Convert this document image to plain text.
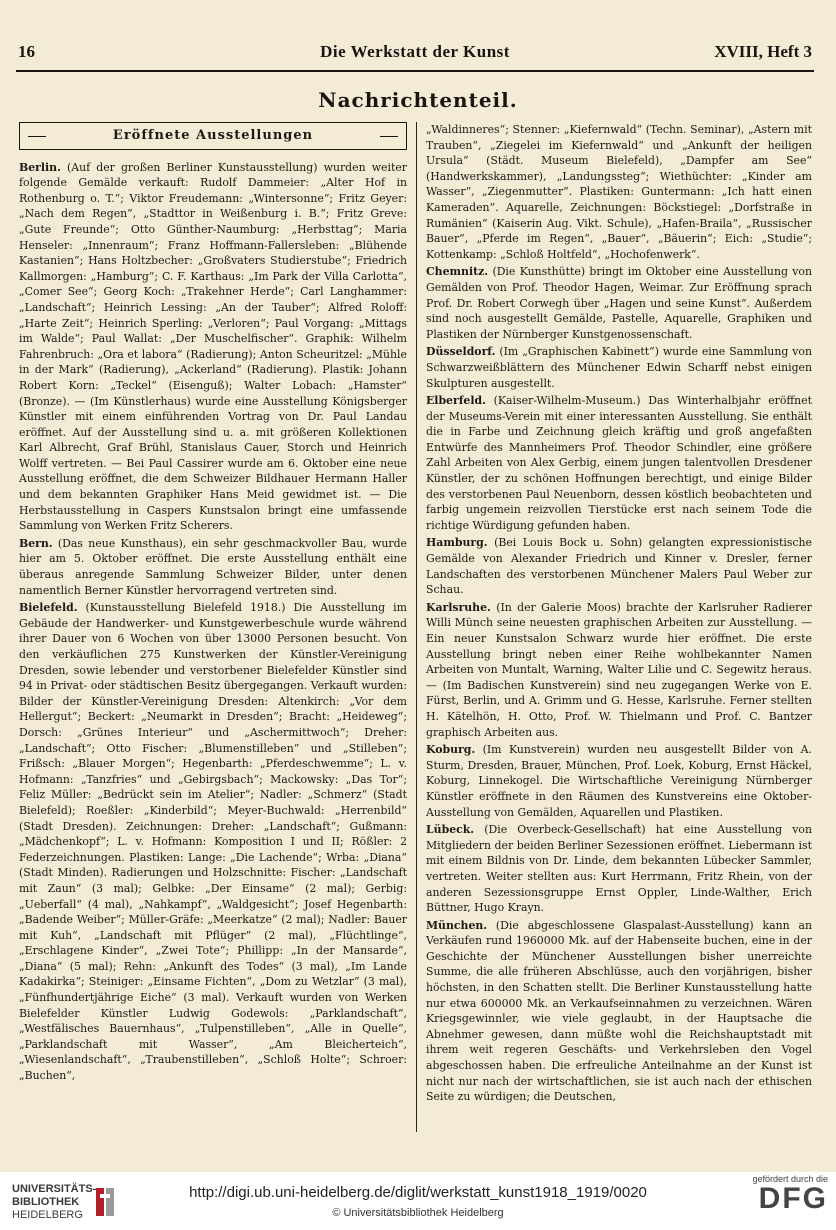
16	Die Werkstatt der Kunst	XVIII, Heft 3
Nachrichtenteil.
Eröffnete Ausstellungen

Berlin. (Auf der großen Berliner Kunstausstellung) wurden weiter folgende Gemälde verkauft: Rudolf Dammeier: „Alter Hof in Rothenburg o. T.“; Viktor Freudemann: „Wintersonne“; Fritz Geyer: „Nach dem Regen“, „Stadttor in Weißenburg i. B.“; Fritz Greve: „Gute Freunde“; Otto Günther-Naumburg: „Herbsttag“; Maria Henseler: „Innenraum“; Franz Hoffmann-Fallersleben: „Blühende Kastanien“; Hans Holtzbecher: „Großvaters Studierstube“; Friedrich Kallmorgen: „Hamburg“; C. F. Karthaus: „Im Park der Villa Carlotta“, „Comer See“; Georg Koch: „Trakehner Herde“; Carl Langhammer: „Landschaft“; Heinrich Lessing: „An der Tauber“; Alfred Roloff: „Harte Zeit“; Heinrich Sperling: „Verloren“; Paul Vorgang: „Mittags im Walde“; Paul Wallat: „Der Muschelfischer“. Graphik: Wilhelm Fahrenbruch: „Ora et labora“ (Radierung); Anton Scheuritzel: „Mühle in der Mark“ (Radierung), „Ackerland“ (Radierung). Plastik: Johann Robert Korn: „Teckel“ (Eisenguß); Walter Lobach: „Hamster“ (Bronze). — (Im Künstlerhaus) wurde eine Ausstellung Königsberger Künstler mit einem einführenden Vortrag von Dr. Paul Landau eröffnet. Auf der Ausstellung sind u. a. mit größeren Kollektionen Karl Albrecht, Graf Brühl, Stanislaus Cauer, Storch und Heinrich Wolff vertreten. — Bei Paul Cassirer wurde am 6. Oktober eine neue Ausstellung eröffnet, die dem Schweizer Bildhauer Hermann Haller und dem bekannten Graphiker Hans Meid gewidmet ist. — Die Herbstausstellung in Caspers Kunstsalon bringt eine umfassende Sammlung von Werken Fritz Scherers.

Bern. (Das neue Kunsthaus), ein sehr geschmackvoller Bau, wurde hier am 5. Oktober eröffnet. Die erste Ausstellung enthält eine überaus anregende Sammlung Schweizer Bilder, unter denen namentlich Berner Künstler hervorragend vertreten sind.

Bielefeld. (Kunstausstellung Bielefeld 1918.) Die Ausstellung im Gebäude der Handwerker- und Kunstgewerbeschule wurde während ihrer Dauer von 6 Wochen von über 13000 Personen besucht. Von den verkäuflichen 275 Kunstwerken der Künstler-Vereinigung Dresden, sowie lebender und verstorbener Bielefelder Künstler sind 94 in Privat- oder städtischen Besitz übergegangen. Verkauft wurden: Bilder der Künstler-Vereinigung Dresden: Altenkirch: „Vor dem Hellergut“; Beckert: „Neumarkt in Dresden“; Bracht: „Heideweg“; Dorsch: „Grünes Interieur“ und „Aschermittwoch“; Dreher: „Landschaft“; Otto Fischer: „Blumenstilleben“ und „Stilleben“; Frißsch: „Blauer Morgen“; Hegenbarth: „Pferdeschwemme“; L. v. Hofmann: „Tanzfries“ und „Gebirgsbach“; Mackowsky: „Das Tor“; Feliz Müller: „Bedrückt sein im Atelier“; Nadler: „Schmerz“ (Stadt Bielefeld); Roeßler: „Kinderbild“; Meyer-Buchwald: „Herrenbild“ (Stadt Dresden). Zeichnungen: Dreher: „Landschaft“; Gußmann: „Mädchenkopf“; L. v. Hofmann: Komposition I und II; Rößler: 2 Federzeichnungen. Plastiken: Lange: „Die Lachende“; Wrba: „Diana“ (Stadt Minden). Radierungen und Holzschnitte: Fischer: „Landschaft mit Zaun“ (3 mal); Gelbke: „Der Einsame“ (2 mal); Gerbig: „Ueberfall“ (4 mal), „Nahkampf“, „Waldgesicht“; Josef Hegenbarth: „Badende Weiber“; Müller-Gräfe: „Meerkatze“ (2 mal); Nadler: Bauer mit Kuh“, „Landschaft mit Pflüger“ (2 mal), „Flüchtlinge“, „Erschlagene Kinder“, „Zwei Tote“; Phillipp: „In der Mansarde“, „Diana“ (5 mal); Rehn: „Ankunft des Todes“ (3 mal), „Im Lande Kadakirka“; Steiniger: „Einsame Fichten“, „Dom zu Wetzlar“ (3 mal), „Fünfhundertjährige Eiche“ (3 mal). Verkauft wurden von Werken Bielefelder Künstler Ludwig Godewols: „Parklandschaft“, „Westfälisches Bauernhaus“, „Tulpenstilleben“, „Alle in Quelle“, „Parklandschaft mit Wasser“, „Am Bleicherteich“, „Wiesenlandschaft“, „Traubenstilleben“, „Schloß Holte“; Schroer: „Buchen“,

„Waldinneres“; Stenner: „Kiefernwald“ (Techn. Seminar), „Astern mit Trauben“, „Ziegelei im Kiefernwald“ und „Ankunft der heiligen Ursula“ (Städt. Museum Bielefeld), „Dampfer am See“ (Handwerkskammer), „Landungssteg“; Wiethüchter: „Kinder am Wasser“, „Ziegenmutter“. Plastiken: Guntermann: „Ich hatt einen Kameraden“. Aquarelle, Zeichnungen: Böckstiegel: „Dorfstraße in Rumänien“ (Kaiserin Aug. Vikt. Schule), „Hafen-Braila“, „Russischer Bauer“, „Pferde im Regen“, „Bauer“, „Bäuerin“; Eich: „Studie“; Kottenkamp: „Schloß Holtfeld“, „Hochofenwerk“.

Chemnitz. (Die Kunsthütte) bringt im Oktober eine Ausstellung von Gemälden von Prof. Theodor Hagen, Weimar. Zur Eröffnung sprach Prof. Dr. Robert Corwegh über „Hagen und seine Kunst“. Außerdem sind noch ausgestellt Gemälde, Pastelle, Aquarelle, Graphiken und Plastiken der Nürnberger Kunstgenossenschaft.

Düsseldorf. (Im „Graphischen Kabinett“) wurde eine Sammlung von Schwarzweißblättern des Münchener Edwin Scharff nebst einigen Skulpturen ausgestellt.

Elberfeld. (Kaiser-Wilhelm-Museum.) Das Winterhalbjahr eröffnet der Museums-Verein mit einer interessanten Ausstellung. Sie enthält die in Farbe und Zeichnung gleich kräftig und groß angefaßten Entwürfe des Mannheimers Prof. Theodor Schindler, eine größere Zahl Arbeiten von Alex Gerbig, einem jungen talentvollen Dresdener Künstler, der zu schönen Hoffnungen berechtigt, und einige Bilder des verstorbenen Paul Neuenborn, dessen köstlich beobachteten und farbig ungemein reizvollen Tierstücke erst nach seinem Tode die richtige Würdigung gefunden haben.

Hamburg. (Bei Louis Bock u. Sohn) gelangten expressionistische Gemälde von Alexander Friedrich und Kinner v. Dresler, ferner Landschaften des verstorbenen Münchener Malers Paul Weber zur Schau.

Karlsruhe. (In der Galerie Moos) brachte der Karlsruher Radierer Willi Münch seine neuesten graphischen Arbeiten zur Ausstellung. — Ein neuer Kunstsalon Schwarz wurde hier eröffnet. Die erste Ausstellung bringt neben einer Reihe wohlbekannter Namen Arbeiten von Muntalt, Warning, Walter Lilie und C. Segewitz heraus. — (Im Badischen Kunstverein) sind neu zugegangen Werke von E. Fürst, Berlin, und A. Grimm und G. Hesse, Karlsruhe. Ferner stellten H. Kätelhön, H. Otto, Prof. W. Thielmann und Prof. C. Bantzer graphisch Arbeiten aus.

Koburg. (Im Kunstverein) wurden neu ausgestellt Bilder von A. Sturm, Dresden, Brauer, München, Prof. Loek, Koburg, Ernst Häckel, Koburg, Linnekogel. Die Wirtschaftliche Vereinigung Nürnberger Künstler eröffnete in den Räumen des Kunstvereins eine Oktober-Ausstellung von Gemälden, Aquarellen und Plastiken.

Lübeck. (Die Overbeck-Gesellschaft) hat eine Ausstellung von Mitgliedern der beiden Berliner Sezessionen eröffnet. Liebermann ist mit einem Bildnis von Dr. Linde, dem bekannten Lübecker Sammler, vertreten. Weiter stellten aus: Kurt Herrmann, Fritz Rhein, von der anderen Sezessionsgruppe Ernst Oppler, Linde-Walther, Erich Büttner, Hugo Krayn.

München. (Die abgeschlossene Glaspalast-Ausstellung) kann an Verkäufen rund 1960000 Mk. auf der Habenseite buchen, eine in der Geschichte der Münchener Ausstellungen bisher unerreichte Summe, die alle früheren Abschlüsse, auch den vorjährigen, bisher höchsten, in den Schatten stellt. Die Berliner Kunstausstellung hatte nur etwa 600000 Mk. an Verkaufseinnahmen zu verzeichnen. Wären Kriegsgewinnler, wie viele geglaubt, in der Hauptsache die Abnehmer gewesen, dann müßte wohl die Reichshauptstadt mit ihrem weit regeren Geschäfts- und Verkehrsleben den Vogel abgeschossen haben. Die erfreuliche Anteilnahme an der Kunst ist nicht nur nach der wirtschaftlichen, sie ist auch nach der ethischen Seite zu würdigen; die Deutschen,

UNIVERSITÄTS-
BIBLIOTHEK
HEIDELBERG
http://digi.ub.uni-heidelberg.de/diglit/werkstatt_kunst1918_1919/0020
© Universitätsbibliothek Heidelberg
gefördert durch die
DFG
